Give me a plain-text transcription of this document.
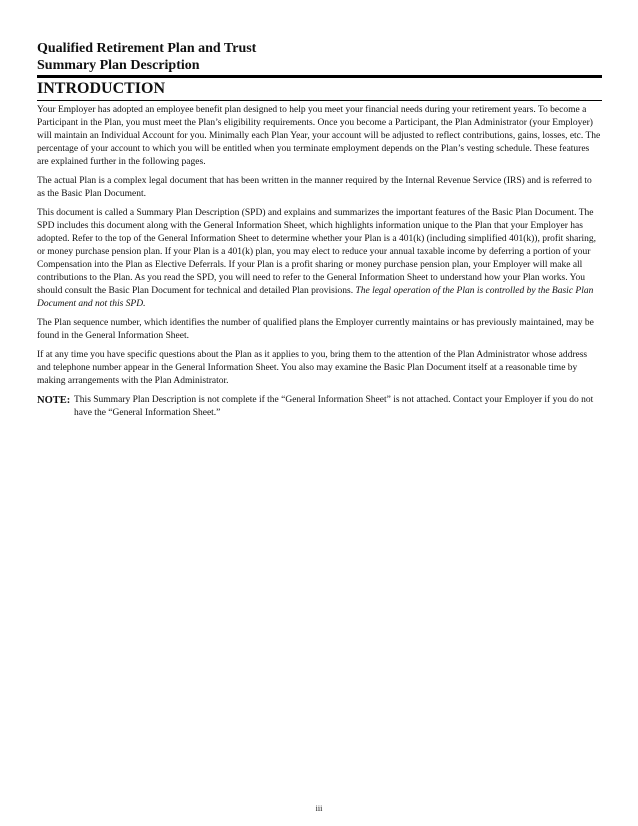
Qualified Retirement Plan and Trust
Summary Plan Description
INTRODUCTION

Your Employer has adopted an employee benefit plan designed to help you meet your financial needs during your retirement years. To become a Participant in the Plan, you must meet the Plan’s eligibility requirements. Once you become a Participant, the Plan Administrator (your Employer) will maintain an Individual Account for you. Minimally each Plan Year, your account will be adjusted to reflect contributions, gains, losses, etc. The percentage of your account to which you will be entitled when you terminate employment depends on the Plan’s vesting schedule. These features are explained further in the following pages.

The actual Plan is a complex legal document that has been written in the manner required by the Internal Revenue Service (IRS) and is referred to as the Basic Plan Document.

This document is called a Summary Plan Description (SPD) and explains and summarizes the important features of the Basic Plan Document. The SPD includes this document along with the General Information Sheet, which highlights information unique to the Plan that your Employer has adopted. Refer to the top of the General Information Sheet to determine whether your Plan is a 401(k) (including simplified 401(k)), profit sharing, or money purchase pension plan. If your Plan is a 401(k) plan, you may elect to reduce your annual taxable income by deferring a portion of your Compensation into the Plan as Elective Deferrals. If your Plan is a profit sharing or money purchase pension plan, your Employer will make all contributions to the Plan. As you read the SPD, you will need to refer to the General Information Sheet to understand how your Plan works. You should consult the Basic Plan Document for technical and detailed Plan provisions. The legal operation of the Plan is controlled by the Basic Plan Document and not this SPD.

The Plan sequence number, which identifies the number of qualified plans the Employer currently maintains or has previously maintained, may be found in the General Information Sheet.

If at any time you have specific questions about the Plan as it applies to you, bring them to the attention of the Plan Administrator whose address and telephone number appear in the General Information Sheet. You also may examine the Basic Plan Document itself at a reasonable time by making arrangements with the Plan Administrator.

NOTE: This Summary Plan Description is not complete if the “General Information Sheet” is not attached. Contact your Employer if you do not have the “General Information Sheet.”
iii
